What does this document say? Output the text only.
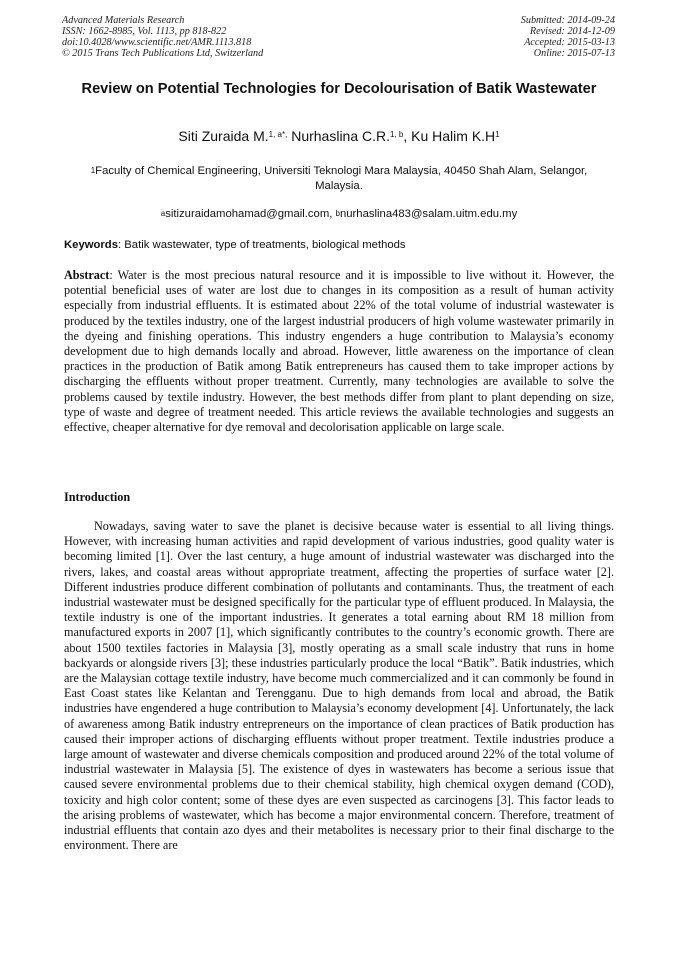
Advanced Materials Research
ISSN: 1662-8985, Vol. 1113, pp 818-822
doi:10.4028/www.scientific.net/AMR.1113.818
© 2015 Trans Tech Publications Ltd, Switzerland
Submitted: 2014-09-24
Revised: 2014-12-09
Accepted: 2015-03-13
Online: 2015-07-13
Review on Potential Technologies for Decolourisation of Batik Wastewater
Siti Zuraida M.$^{1, a*,}$ Nurhaslina C.R.$^{1, b}$, Ku Halim $K.H^1$
$^1$Faculty of Chemical Engineering, Universiti Teknologi Mara Malaysia, 40450 Shah Alam, Selangor, Malaysia.
$^a$sitizuraidamohamad@gmail.com, $^b$nurhaslina483@salam.uitm.edu.my
Keywords: Batik wastewater, type of treatments, biological methods
Abstract: Water is the most precious natural resource and it is impossible to live without it. However, the potential beneficial uses of water are lost due to changes in its composition as a result of human activity especially from industrial effluents. It is estimated about 22% of the total volume of industrial wastewater is produced by the textiles industry, one of the largest industrial producers of high volume wastewater primarily in the dyeing and finishing operations. This industry engenders a huge contribution to Malaysia’s economy development due to high demands locally and abroad. However, little awareness on the importance of clean practices in the production of Batik among Batik entrepreneurs has caused them to take improper actions by discharging the effluents without proper treatment. Currently, many technologies are available to solve the problems caused by textile industry. However, the best methods differ from plant to plant depending on size, type of waste and degree of treatment needed. This article reviews the available technologies and suggests an effective, cheaper alternative for dye removal and decolorisation applicable on large scale.
Introduction
Nowadays, saving water to save the planet is decisive because water is essential to all living things. However, with increasing human activities and rapid development of various industries, good quality water is becoming limited [1]. Over the last century, a huge amount of industrial wastewater was discharged into the rivers, lakes, and coastal areas without appropriate treatment, affecting the properties of surface water [2]. Different industries produce different combination of pollutants and contaminants. Thus, the treatment of each industrial wastewater must be designed specifically for the particular type of effluent produced. In Malaysia, the textile industry is one of the important industries. It generates a total earning about RM 18 million from manufactured exports in 2007 [1], which significantly contributes to the country’s economic growth. There are about 1500 textiles factories in Malaysia [3], mostly operating as a small scale industry that runs in home backyards or alongside rivers [3]; these industries particularly produce the local “Batik”. Batik industries, which are the Malaysian cottage textile industry, have become much commercialized and it can commonly be found in East Coast states like Kelantan and Terengganu. Due to high demands from local and abroad, the Batik industries have engendered a huge contribution to Malaysia’s economy development [4]. Unfortunately, the lack of awareness among Batik industry entrepreneurs on the importance of clean practices of Batik production has caused their improper actions of discharging effluents without proper treatment. Textile industries produce a large amount of wastewater and diverse chemicals composition and produced around 22% of the total volume of industrial wastewater in Malaysia [5]. The existence of dyes in wastewaters has become a serious issue that caused severe environmental problems due to their chemical stability, high chemical oxygen demand (COD), toxicity and high color content; some of these dyes are even suspected as carcinogens [3]. This factor leads to the arising problems of wastewater, which has become a major environmental concern. Therefore, treatment of industrial effluents that contain azo dyes and their metabolites is necessary prior to their final discharge to the environment. There are
